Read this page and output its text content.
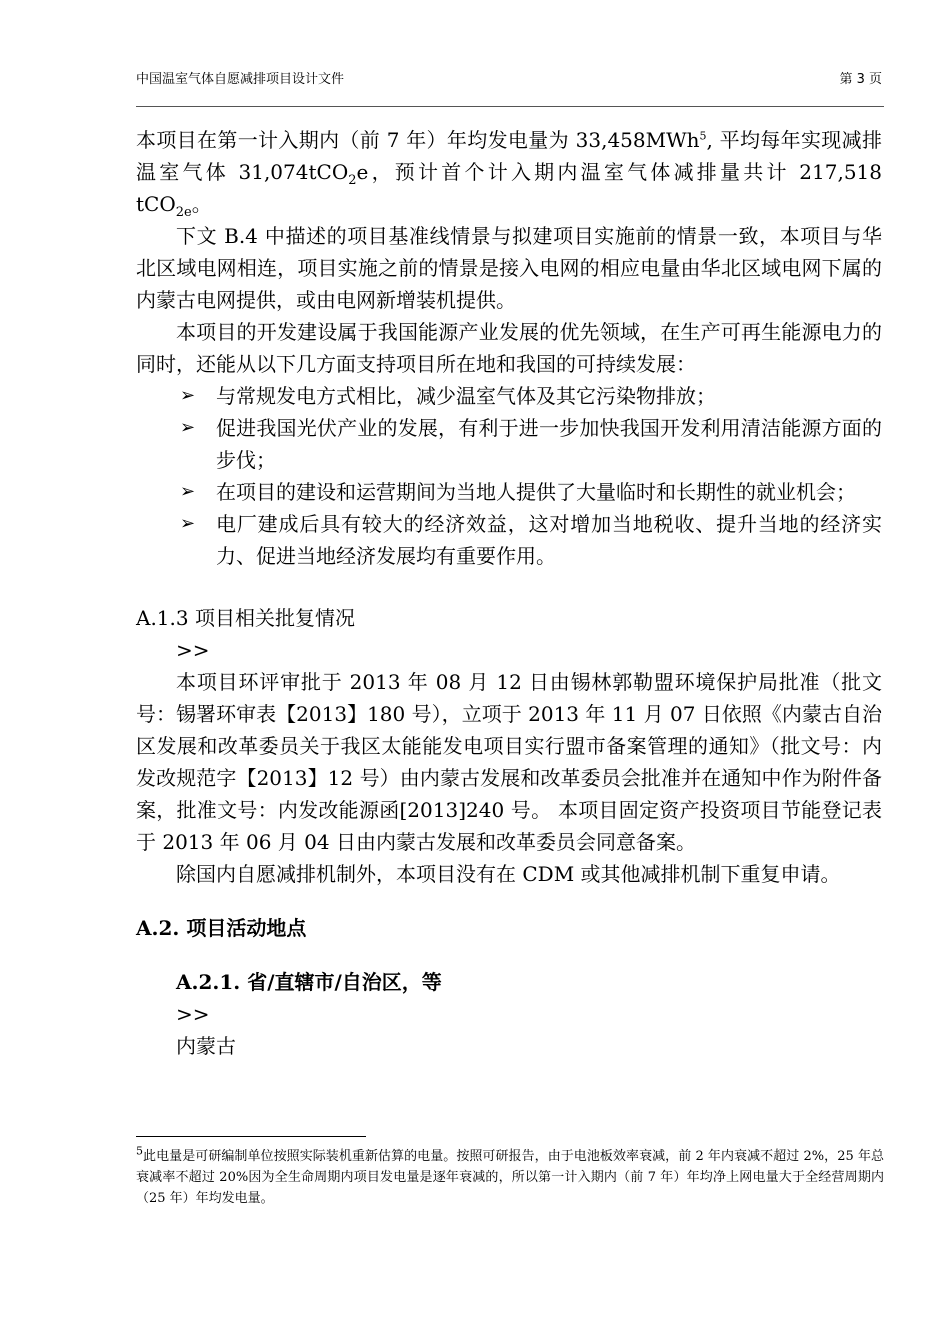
中国温室气体自愿减排项目设计文件	第 3 页

本项目在第一计入期内（前 7 年）年均发电量为 33,458MWh$^5$, 平均每年实现减排温室气体 31,074tCO$_2$e，预计首个计入期内温室气体减排量共计 217,518 tCO$_{2e}$。

下文 B.4 中描述的项目基准线情景与拟建项目实施前的情景一致，本项目与华北区域电网相连，项目实施之前的情景是接入电网的相应电量由华北区域电网下属的内蒙古电网提供，或由电网新增装机提供。

本项目的开发建设属于我国能源产业发展的优先领域，在生产可再生能源电力的同时，还能从以下几方面支持项目所在地和我国的可持续发展：

➢ 与常规发电方式相比，减少温室气体及其它污染物排放；
➢ 促进我国光伏产业的发展，有利于进一步加快我国开发利用清洁能源方面的步伐；
➢ 在项目的建设和运营期间为当地人提供了大量临时和长期性的就业机会；
➢ 电厂建成后具有较大的经济效益，这对增加当地税收、提升当地的经济实力、促进当地经济发展均有重要作用。

A.1.3 项目相关批复情况

>>

本项目环评审批于 2013 年 08 月 12 日由锡林郭勒盟环境保护局批准（批文号：锡署环审表【2013】180 号），立项于 2013 年 11 月 07 日依照《内蒙古自治区发展和改革委员关于我区太能能发电项目实行盟市备案管理的通知》（批文号：内发改规范字【2013】12 号）由内蒙古发展和改革委员会批准并在通知中作为附件备案，批准文号：内发改能源函[2013]240 号。 本项目固定资产投资项目节能登记表于 2013 年 06 月 04 日由内蒙古发展和改革委员会同意备案。

除国内自愿减排机制外，本项目没有在 CDM 或其他减排机制下重复申请。

A.2. 项目活动地点

A.2.1. 省/直辖市/自治区，等

>>

内蒙古

$^5$此电量是可研编制单位按照实际装机重新估算的电量。按照可研报告，由于电池板效率衰减，前 2 年内衰减不超过 2%，25 年总衰减率不超过 20%因为全生命周期内项目发电量是逐年衰减的，所以第一计入期内（前 7 年）年均净上网电量大于全经营周期内（25 年）年均发电量。
